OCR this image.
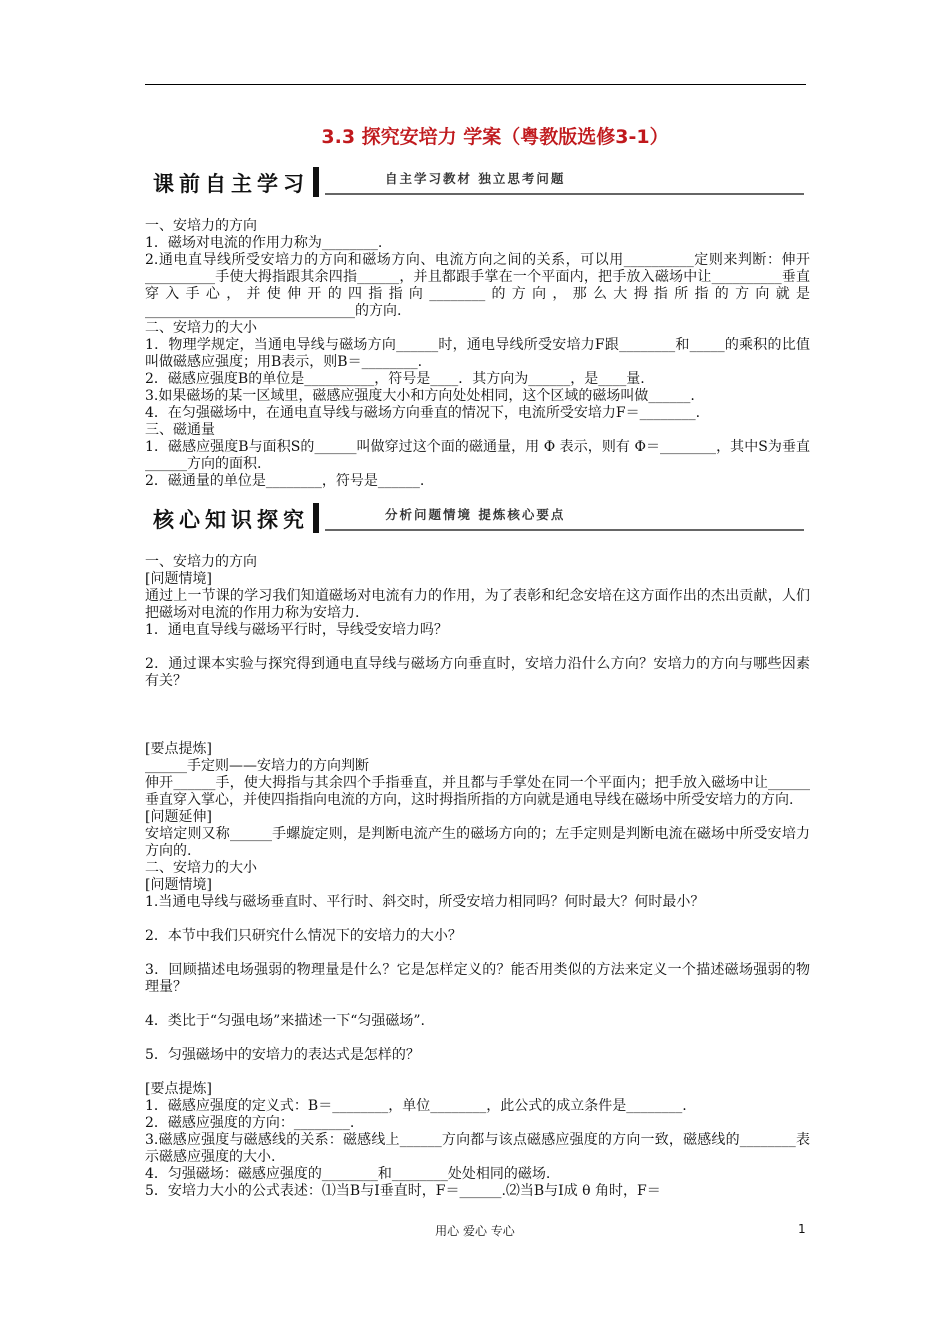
3.3 探究安培力 学案（粤教版选修3-1）
课前自主学习	自主学习教材 独立思考问题

一、安培力的方向

1．磁场对电流的作用力称为________.

2.通电直导线所受安培力的方向和磁场方向、电流方向之间的关系，可以用__________定则来判断：伸开__________手使大拇指跟其余四指______，并且都跟手掌在一个平面内，把手放入磁场中让__________垂直穿入手心，并使伸开的四指指向________的方向，那么大拇指所指的方向就是______________________________的方向.

二、安培力的大小

1．物理学规定，当通电导线与磁场方向______时，通电导线所受安培力F跟________和_____的乘积的比值叫做磁感应强度；用B表示，则B＝________.

2．磁感应强度B的单位是__________，符号是____．其方向为______，是____量.

3.如果磁场的某一区域里，磁感应强度大小和方向处处相同，这个区域的磁场叫做______.

4．在匀强磁场中，在通电直导线与磁场方向垂直的情况下，电流所受安培力F＝________.

三、磁通量

1．磁感应强度B与面积S的______叫做穿过这个面的磁通量，用 Φ 表示，则有 Φ＝________，其中S为垂直______方向的面积.

2．磁通量的单位是________，符号是______.

核心知识探究	分析问题情境 提炼核心要点

一、安培力的方向

[问题情境]

通过上一节课的学习我们知道磁场对电流有力的作用，为了表彰和纪念安培在这方面作出的杰出贡献，人们把磁场对电流的作用力称为安培力.

1．通电直导线与磁场平行时，导线受安培力吗？

2．通过课本实验与探究得到通电直导线与磁场方向垂直时，安培力沿什么方向？安培力的方向与哪些因素有关？

[要点提炼]

______手定则——安培力的方向判断

伸开______手，使大拇指与其余四个手指垂直，并且都与手掌处在同一个平面内；把手放入磁场中让______垂直穿入掌心，并使四指指向电流的方向，这时拇指所指的方向就是通电导线在磁场中所受安培力的方向.

[问题延伸]

安培定则又称______手螺旋定则，是判断电流产生的磁场方向的；左手定则是判断电流在磁场中所受安培力方向的.

二、安培力的大小

[问题情境]

1.当通电导线与磁场垂直时、平行时、斜交时，所受安培力相同吗？何时最大？何时最小？

2．本节中我们只研究什么情况下的安培力的大小？

3．回顾描述电场强弱的物理量是什么？它是怎样定义的？能否用类似的方法来定义一个描述磁场强弱的物理量？

4．类比于“匀强电场”来描述一下“匀强磁场”.

5．匀强磁场中的安培力的表达式是怎样的？

[要点提炼]

1．磁感应强度的定义式：B＝________，单位________，此公式的成立条件是________.

2．磁感应强度的方向：________.

3.磁感应强度与磁感线的关系：磁感线上______方向都与该点磁感应强度的方向一致，磁感线的________表示磁感应强度的大小.

4．匀强磁场：磁感应强度的________和________处处相同的磁场.

5．安培力大小的公式表述：⑴当B与I垂直时，F＝______.⑵当B与I成 θ 角时，F＝

用心 爱心 专心	1
